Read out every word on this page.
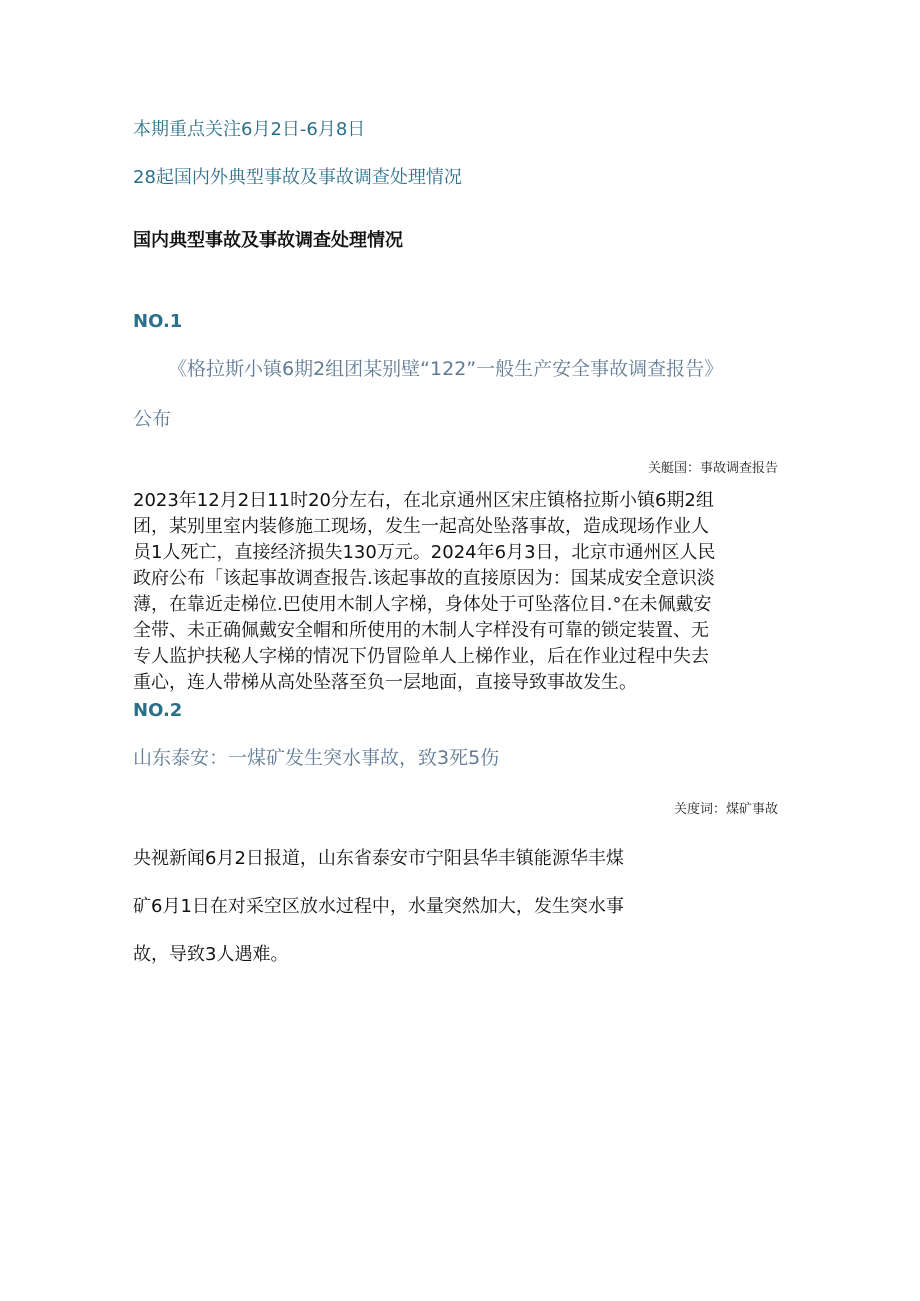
本期重点关注6月2日-6月8日
28起国内外典型事故及事故调查处理情况
国内典型事故及事故调查处理情况
NO.1
《格拉斯小镇6期2组团某别壁“122”一般生产安全事故调查报告》
公布
关艇国：事故调查报告
2023年12月2日11时20分左右，在北京通州区宋庄镇格拉斯小镇6期2组
团，某别里室内装修施工现场，发生一起高处坠落事故，造成现场作业人
员1人死亡，直接经济损失130万元。2024年6月3日，北京市通州区人民
政府公布「该起事故调查报告.该起事故的直接原因为：国某成安全意识淡
薄，在靠近走梯位.巴使用木制人字梯，身体处于可坠落位目.°在未佩戴安
全带、未正确佩戴安全帽和所使用的木制人字样没有可靠的锁定装置、无
专人监护扶秘人字梯的情况下仍冒险单人上梯作业，后在作业过程中失去
重心，连人带梯从高处坠落至负一层地面，直接导致事故发生。
NO.2
山东泰安：一煤矿发生突水事故，致3死5伤
关度词：煤矿事故
央视新闻6月2日报道，山东省泰安市宁阳县华丰镇能源华丰煤
矿6月1日在对采空区放水过程中，水量突然加大，发生突水事
故，导致3人遇难。
